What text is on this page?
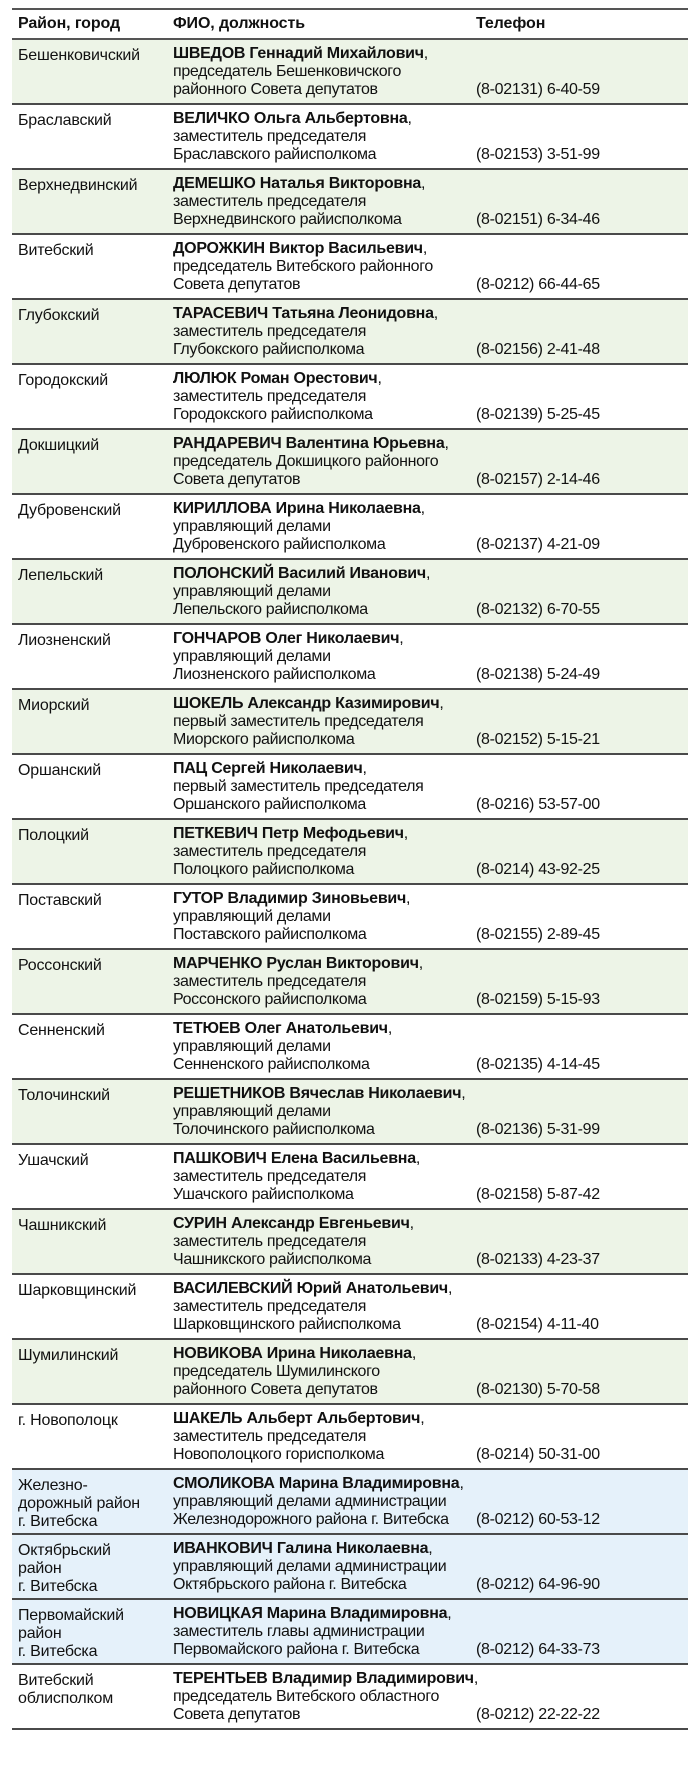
Район, город	ФИО, должность	Телефон
Бешенковичский	ШВЕДОВ Геннадий Михайлович,
председатель Бешенковичского
районного Совета депутатов	(8-02131) 6-40-59
Браславский	ВЕЛИЧКО Ольга Альбертовна,
заместитель председателя
Браславского райисполкома	(8-02153) 3-51-99
Верхнедвинский	ДЕМЕШКО Наталья Викторовна,
заместитель председателя
Верхнедвинского райисполкома	(8-02151) 6-34-46
Витебский	ДОРОЖКИН Виктор Васильевич,
председатель Витебского районного
Совета депутатов	(8-0212) 66-44-65
Глубокский	ТАРАСЕВИЧ Татьяна Леонидовна,
заместитель председателя
Глубокского райисполкома	(8-02156) 2-41-48
Городокский	ЛЮЛЮК Роман Орестович,
заместитель председателя
Городокского райисполкома	(8-02139) 5-25-45
Докшицкий	РАНДАРЕВИЧ Валентина Юрьевна,
председатель Докшицкого районного
Совета депутатов	(8-02157) 2-14-46
Дубровенский	КИРИЛЛОВА Ирина Николаевна,
управляющий делами
Дубровенского райисполкома	(8-02137) 4-21-09
Лепельский	ПОЛОНСКИЙ Василий Иванович,
управляющий делами
Лепельского райисполкома	(8-02132) 6-70-55
Лиозненский	ГОНЧАРОВ Олег Николаевич,
управляющий делами
Лиозненского райисполкома	(8-02138) 5-24-49
Миорский	ШОКЕЛЬ Александр Казимирович,
первый заместитель председателя
Миорского райисполкома	(8-02152) 5-15-21
Оршанский	ПАЦ Сергей Николаевич,
первый заместитель председателя
Оршанского райисполкома	(8-0216) 53-57-00
Полоцкий	ПЕТКЕВИЧ Петр Мефодьевич,
заместитель председателя
Полоцкого райисполкома	(8-0214) 43-92-25
Поставский	ГУТОР Владимир Зиновьевич,
управляющий делами
Поставского райисполкома	(8-02155) 2-89-45
Россонский	МАРЧЕНКО Руслан Викторович,
заместитель председателя
Россонского райисполкома	(8-02159) 5-15-93
Сенненский	ТЕТЮЕВ Олег Анатольевич,
управляющий делами
Сенненского райисполкома	(8-02135) 4-14-45
Толочинский	РЕШЕТНИКОВ Вячеслав Николаевич,
управляющий делами
Толочинского райисполкома	(8-02136) 5-31-99
Ушачский	ПАШКОВИЧ Елена Васильевна,
заместитель председателя
Ушачского райисполкома	(8-02158) 5-87-42
Чашникский	СУРИН Александр Евгеньевич,
заместитель председателя
Чашникского райисполкома	(8-02133) 4-23-37
Шарковщинский	ВАСИЛЕВСКИЙ Юрий Анатольевич,
заместитель председателя
Шарковщинского райисполкома	(8-02154) 4-11-40
Шумилинский	НОВИКОВА Ирина Николаевна,
председатель Шумилинского
районного Совета депутатов	(8-02130) 5-70-58
г. Новополоцк	ШАКЕЛЬ Альберт Альбертович,
заместитель председателя
Новополоцкого горисполкома	(8-0214) 50-31-00
Железно-
дорожный район
г. Витебска	СМОЛИКОВА Марина Владимировна,
управляющий делами администрации
Железнодорожного района г. Витебска	(8-0212) 60-53-12
Октябрьский
район
г. Витебска	ИВАНКОВИЧ Галина Николаевна,
управляющий делами администрации
Октябрьского района г. Витебска	(8-0212) 64-96-90
Первомайский
район
г. Витебска	НОВИЦКАЯ Марина Владимировна,
заместитель главы администрации
Первомайского района г. Витебска	(8-0212) 64-33-73
Витебский
облисполком	ТЕРЕНТЬЕВ Владимир Владимирович,
председатель Витебского областного
Совета депутатов	(8-0212) 22-22-22
